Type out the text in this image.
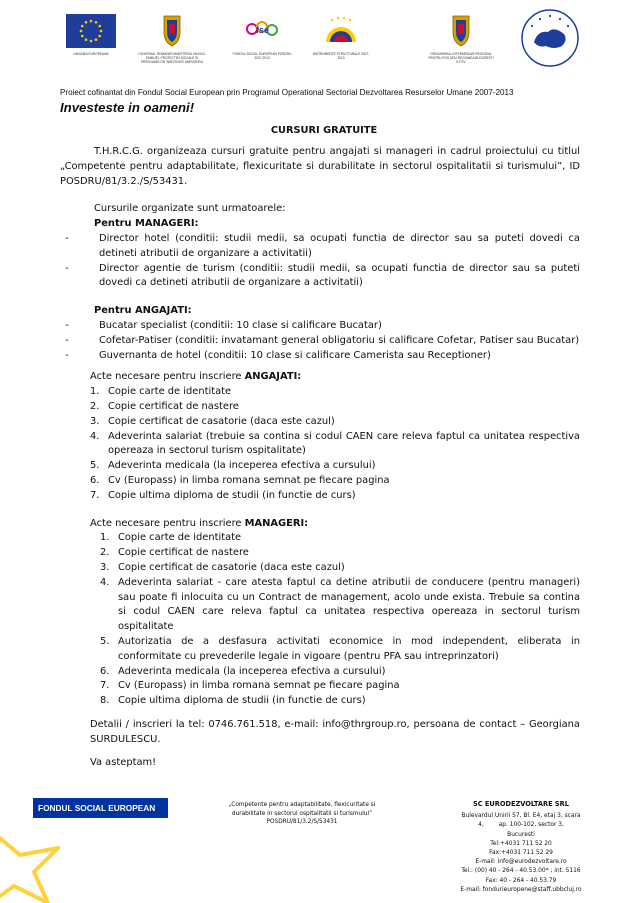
UNIUNEA EUROPEANA	GUVERNUL ROMANIEI MINISTERUL MUNCII, FAMILIEI, PROTECTIEI SOCIALE SI PERSOANELOR VARSTNICE AMPOSDRU
fse
FONDUL SOCIAL EUROPEAN POSDRU 2007-2013
INSTRUMENTE STRUCTURALE 2007-2013
ORGANISMUL INTERMEDIAR REGIONAL PENTRU POS DRU REGIUNEA BUCURESTI ILFOV
Proiect cofinantat din Fondul Social European prin Programul Operational Sectorial Dezvoltarea Resurselor Umane 2007-2013
Investeste in oameni!
CURSURI GRATUITE

T.H.R.C.G. organizeaza cursuri gratuite pentru angajati si manageri in cadrul proiectului cu titlul „Competente pentru adaptabilitate, flexicuritate si durabilitate in sectorul ospitalitatii si turismului”, ID POSDRU/81/3.2./S/53431.

Cursurile organizate sunt urmatoarele:

Pentru MANAGERI:

-	Director hotel (conditii: studii medii, sa ocupati functia de director sau sa puteti dovedi ca detineti atributii de organizare a activitatii)

-	Director agentie de turism (conditii: studii medii, sa ocupati functia de director sau sa puteti dovedi ca detineti atributii de organizare a activitatii)

Pentru ANGAJATI:

-	Bucatar specialist (conditii: 10 clase si calificare Bucatar)

-	Cofetar-Patiser (conditii: invatamant general obligatoriu si calificare Cofetar, Patiser sau Bucatar)

-	Guvernanta de hotel (conditii: 10 clase si calificare Camerista sau Receptioner)

Acte necesare pentru inscriere ANGAJATI:

1. Copie carte de identitate

2. Copie certificat de nastere

3. Copie certificat de casatorie (daca este cazul)

4. Adeverinta salariat (trebuie sa contina si codul CAEN care releva faptul ca unitatea respectiva opereaza in sectorul turism ospitalitate)

5. Adeverinta medicala (la inceperea efectiva a cursului)

6. Cv (Europass) in limba romana semnat pe fiecare pagina

7. Copie ultima diploma de studii (in functie de curs)

Acte necesare pentru inscriere MANAGERI:

1. Copie carte de identitate

2. Copie certificat de nastere

3. Copie certificat de casatorie (daca este cazul)

4. Adeverinta salariat - care atesta faptul ca detine atributii de conducere (pentru manageri) sau poate fi inlocuita cu un Contract de management, acolo unde exista. Trebuie sa contina si codul CAEN care releva faptul ca unitatea respectiva opereaza in sectorul turism ospitalitate

5. Autorizatia de a desfasura activitati economice in mod independent, eliberata in conformitate cu prevederile legale in vigoare (pentru PFA sau intreprinzatori)

6. Adeverinta medicala (la inceperea efectiva a cursului)

7. Cv (Europass) in limba romana semnat pe fiecare pagina

8. Copie ultima diploma de studii (in functie de curs)

Detalii / inscrieri la tel: 0746.761.518, e-mail: info@thrgroup.ro, persoana de contact – Georgiana SURDULESCU.

Va asteptam!

FONDUL SOCIAL EUROPEAN	„Competente pentru adaptabilitate, flexicuritate si
durabilitate in sectorul ospitalitatii si turismului”
POSDRU/81/3.2/S/53431
SC EURODEZVOLTARE SRL
Bulevardul Unirii 57, Bl. E4, etaj 3, scara
4,        ap. 100-102, sector 3,
Bucuresti
Tel:+4031 711 52 20
Fax:+4031 711 52 29
E-mail: info@eurodezvoltare.ro
Tel.: (00) 40 - 264 - 40.53.00* ; int. 5116
Fax: 40 - 264 - 40.53.79
E-mail: fondurieuropene@staff.ubbcluj.ro
